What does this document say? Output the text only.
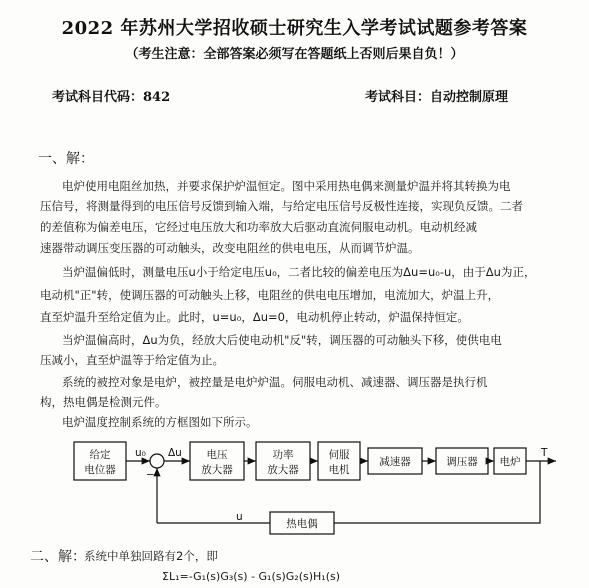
2022 年苏州大学招收硕士研究生入学考试试题参考答案
（考生注意：全部答案必须写在答题纸上否则后果自负！）
考试科目代码：842	考试科目：自动控制原理
一、解：
电炉使用电阻丝加热，并要求保护炉温恒定。图中采用热电偶来测量炉温并将其转换为电
压信号，将测量得到的电压信号反馈到输入端，与给定电压信号反极性连接，实现负反馈。二者
的差值称为偏差电压，它经过电压放大和功率放大后驱动直流伺服电动机。电动机经减
速器带动调压变压器的可动触头，改变电阻丝的供电电压，从而调节炉温。
当炉温偏低时，测量电压u小于给定电压u₀，二者比较的偏差电压为Δu=u₀-u，由于Δu为正，
电动机"正"转，使调压器的可动触头上移，电阻丝的供电电压增加，电流加大，炉温上升，
直至炉温升至给定值为止。此时，u=u₀，Δu=0，电动机停止转动，炉温保持恒定。
当炉温偏高时，Δu为负，经放大后使电动机"反"转，调压器的可动触头下移，使供电电
压减小，直至炉温等于给定值为止。
系统的被控对象是电炉，被控量是电炉炉温。伺服电动机、减速器、调压器是执行机
构，热电偶是检测元件。
电炉温度控制系统的方框图如下所示。
给定
电位器
电压
放大器
功率
放大器
伺服
电机
减速器	调压器 电炉
热电偶
u₀ Δu
−
u
T
二、解：
系统中单独回路有2个，即
ΣL₁=-G₁(s)G₃(s) - G₁(s)G₂(s)H₁(s)
